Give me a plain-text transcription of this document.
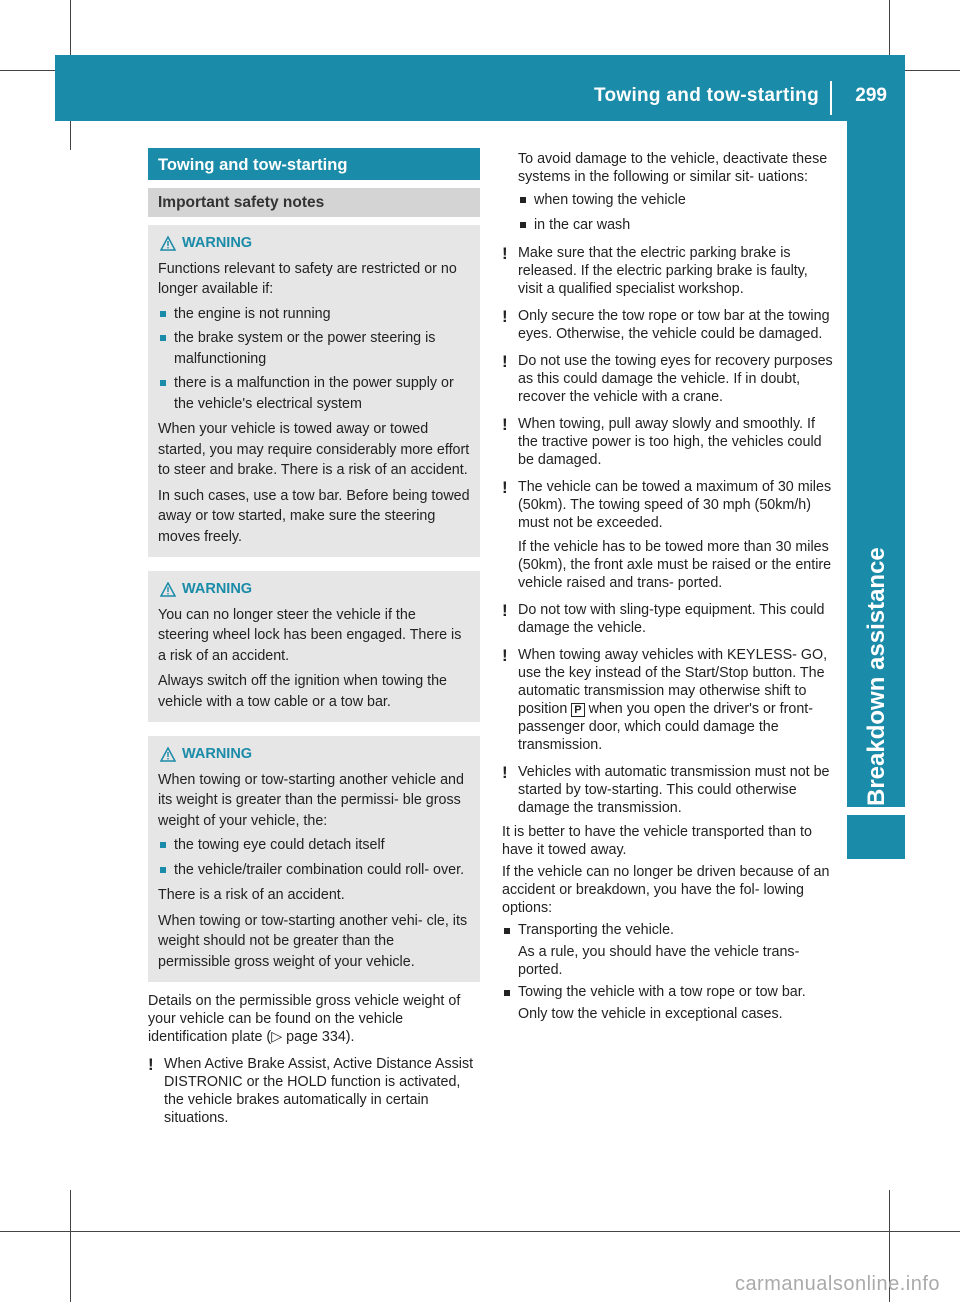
Towing and tow-starting 299
Breakdown assistance
Towing and tow-starting
Important safety notes
WARNING

Functions relevant to safety are restricted or no longer available if:

the engine is not running
the brake system or the power steering is malfunctioning
there is a malfunction in the power supply or the vehicle's electrical system

When your vehicle is towed away or towed started, you may require considerably more effort to steer and brake. There is a risk of an accident.

In such cases, use a tow bar. Before being towed away or tow started, make sure the steering moves freely.

WARNING

You can no longer steer the vehicle if the steering wheel lock has been engaged. There is a risk of an accident.

Always switch off the ignition when towing the vehicle with a tow cable or a tow bar.

WARNING

When towing or tow-starting another vehicle and its weight is greater than the permissi- ble gross weight of your vehicle, the:

the towing eye could detach itself
the vehicle/trailer combination could roll- over.

There is a risk of an accident.

When towing or tow-starting another vehi- cle, its weight should not be greater than the permissible gross weight of your vehicle.

Details on the permissible gross vehicle weight of your vehicle can be found on the vehicle identification plate (▷ page 334).
! When Active Brake Assist, Active Distance Assist DISTRONIC or the HOLD function is activated, the vehicle brakes automatically in certain situations.
To avoid damage to the vehicle, deactivate these systems in the following or similar sit- uations:
when towing the vehicle
in the car wash
! Make sure that the electric parking brake is released. If the electric parking brake is faulty, visit a qualified specialist workshop.
! Only secure the tow rope or tow bar at the towing eyes. Otherwise, the vehicle could be damaged.
! Do not use the towing eyes for recovery purposes as this could damage the vehicle. If in doubt, recover the vehicle with a crane.
! When towing, pull away slowly and smoothly. If the tractive power is too high, the vehicles could be damaged.
! The vehicle can be towed a maximum of 30 miles (50km). The towing speed of 30 mph (50km/h) must not be exceeded.
If the vehicle has to be towed more than 30 miles (50km), the front axle must be raised or the entire vehicle raised and trans- ported.
! Do not tow with sling-type equipment. This could damage the vehicle.
! When towing away vehicles with KEYLESS- GO, use the key instead of the Start/Stop button. The automatic transmission may otherwise shift to position P when you open the driver's or front-passenger door, which could damage the transmission.
! Vehicles with automatic transmission must not be started by tow-starting. This could otherwise damage the transmission.
It is better to have the vehicle transported than to have it towed away.
If the vehicle can no longer be driven because of an accident or breakdown, you have the fol- lowing options:
Transporting the vehicle.
As a rule, you should have the vehicle trans- ported.
Towing the vehicle with a tow rope or tow bar.
Only tow the vehicle in exceptional cases.
carmanualsonline.info
